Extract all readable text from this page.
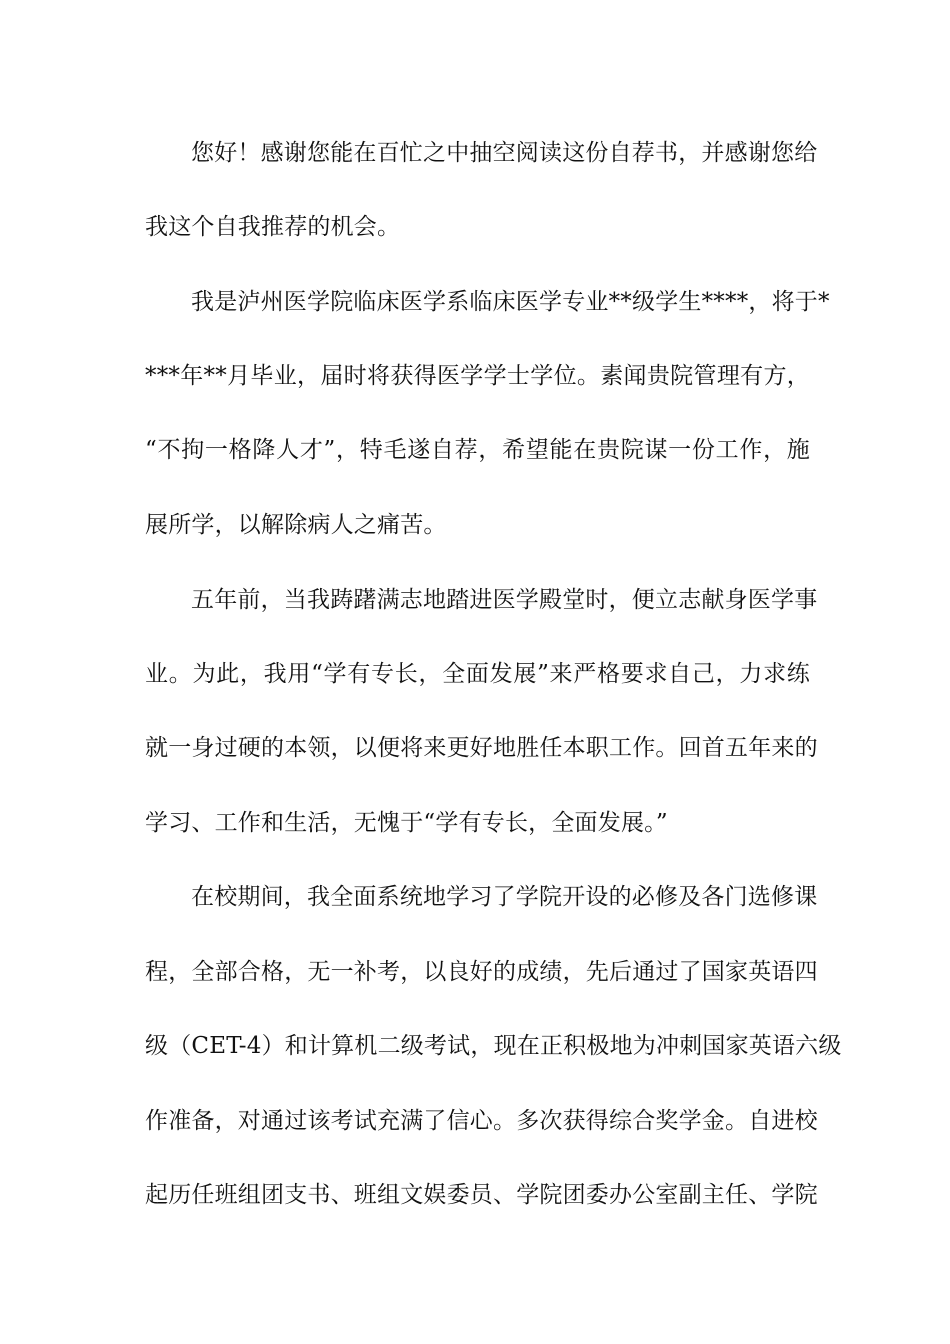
您好！感谢您能在百忙之中抽空阅读这份自荐书，并感谢您给
我这个自我推荐的机会。
我是泸州医学院临床医学系临床医学专业**级学生****，将于*
***年**月毕业，届时将获得医学学士学位。素闻贵院管理有方，
“不拘一格降人才”，特毛遂自荐，希望能在贵院谋一份工作，施
展所学，以解除病人之痛苦。
五年前，当我踌躇满志地踏进医学殿堂时，便立志献身医学事
业。为此，我用“学有专长，全面发展”来严格要求自己，力求练
就一身过硬的本领，以便将来更好地胜任本职工作。回首五年来的
学习、工作和生活，无愧于“学有专长，全面发展。”
在校期间，我全面系统地学习了学院开设的必修及各门选修课
程，全部合格，无一补考，以良好的成绩，先后通过了国家英语四
级（CET-4）和计算机二级考试，现在正积极地为冲刺国家英语六级
作准备，对通过该考试充满了信心。多次获得综合奖学金。自进校
起历任班组团支书、班组文娱委员、学院团委办公室副主任、学院
